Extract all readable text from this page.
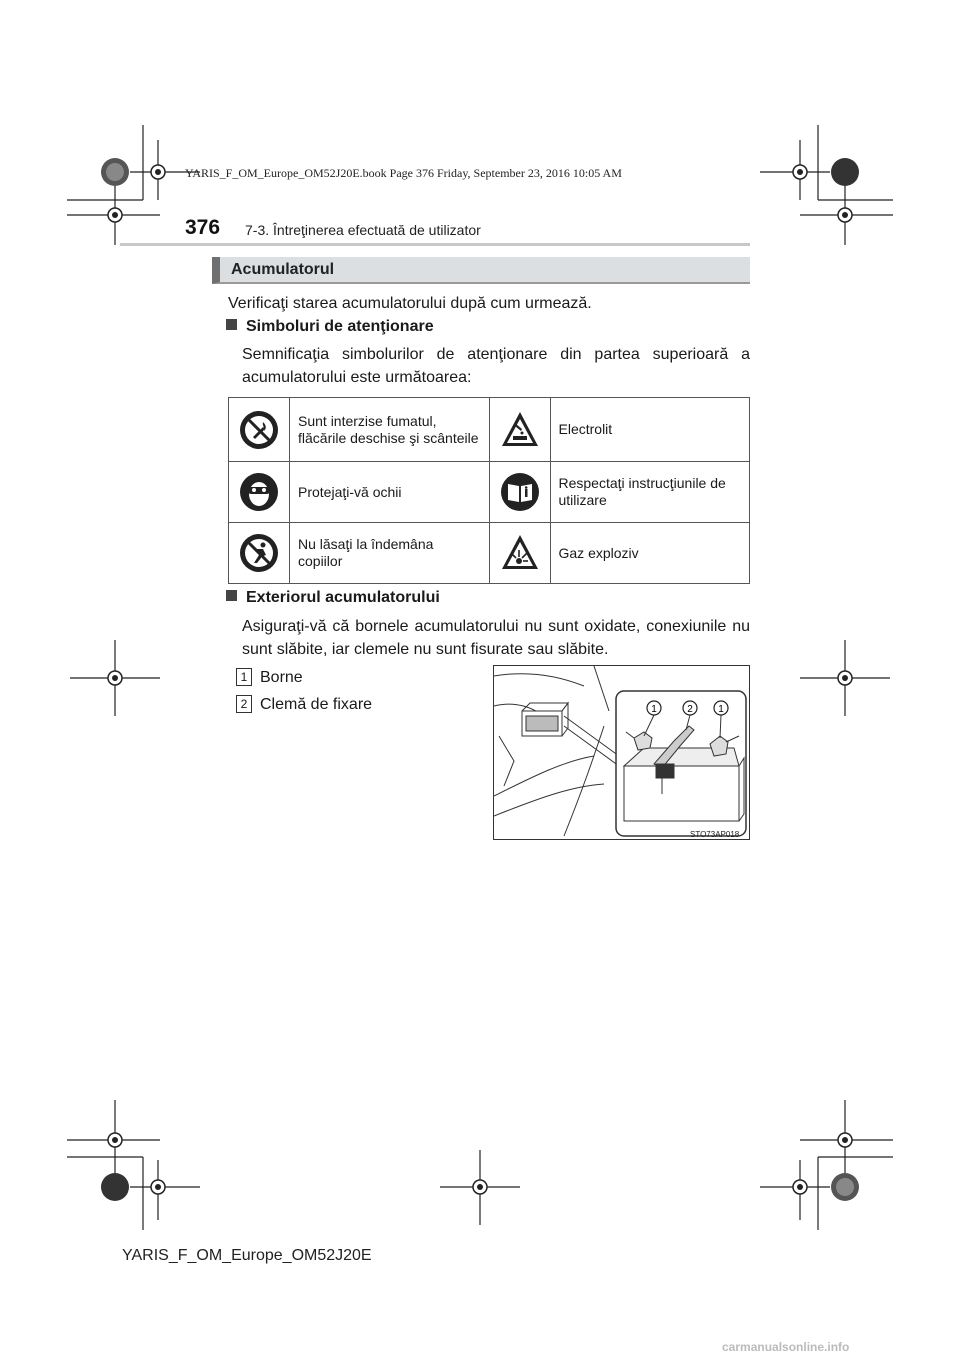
YARIS_F_OM_Europe_OM52J20E.book Page 376 Friday, September 23, 2016 10:05 AM
376 7-3. Întreţinerea efectuată de utilizator
Acumulatorul
Verificaţi starea acumulatorului după cum urmează.
Simboluri de atenţionare
Semnificaţia simbolurilor de atenţionare din partea superioară a acumulatorului este următoarea:
	Sunt interzise fumatul, flăcările deschise şi scânteile		Electrolit

	Protejaţi-vă ochii		Respectaţi instrucţiunile de utilizare

	Nu lăsaţi la îndemâna copiilor		Gaz exploziv
Exteriorul acumulatorului
Asiguraţi-vă că bornele acumulatorului nu sunt oxidate, conexiunile nu sunt slăbite, iar clemele nu sunt fisurate sau slăbite.
1 Borne
2 Clemă de fixare	1	2	1
STO73AP018
YARIS_F_OM_Europe_OM52J20E
carmanualsonline.info
